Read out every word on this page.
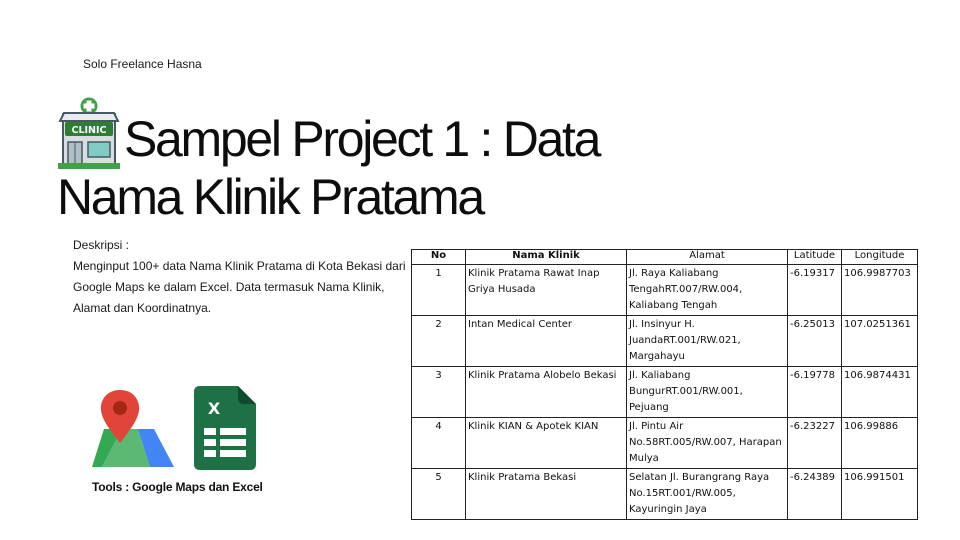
Solo Freelance Hasna
CLINIC Sampel Project 1 : Data
Nama Klinik Pratama
Deskripsi :
Menginput 100+ data Nama Klinik Pratama di Kota Bekasi dari Google Maps ke dalam Excel. Data termasuk Nama Klinik, Alamat dan Koordinatnya.
X
Tools : Google Maps dan Excel
No	Nama Klinik	Alamat	Latitude	Longitude
1	Klinik Pratama Rawat Inap Griya Husada	Jl. Raya Kaliabang TengahRT.007/RW.004, Kaliabang Tengah	-6.19317	106.9987703
2	Intan Medical Center	Jl. Insinyur H. JuandaRT.001/RW.021, Margahayu	-6.25013	107.0251361
3	Klinik Pratama Alobelo Bekasi	Jl. Kaliabang BungurRT.001/RW.001, Pejuang	-6.19778	106.9874431
4	Klinik KIAN & Apotek KIAN	Jl. Pintu Air No.58RT.005/RW.007, Harapan Mulya	-6.23227	106.99886
5	Klinik Pratama Bekasi	Selatan Jl. Burangrang Raya No.15RT.001/RW.005, Kayuringin Jaya	-6.24389	106.991501
